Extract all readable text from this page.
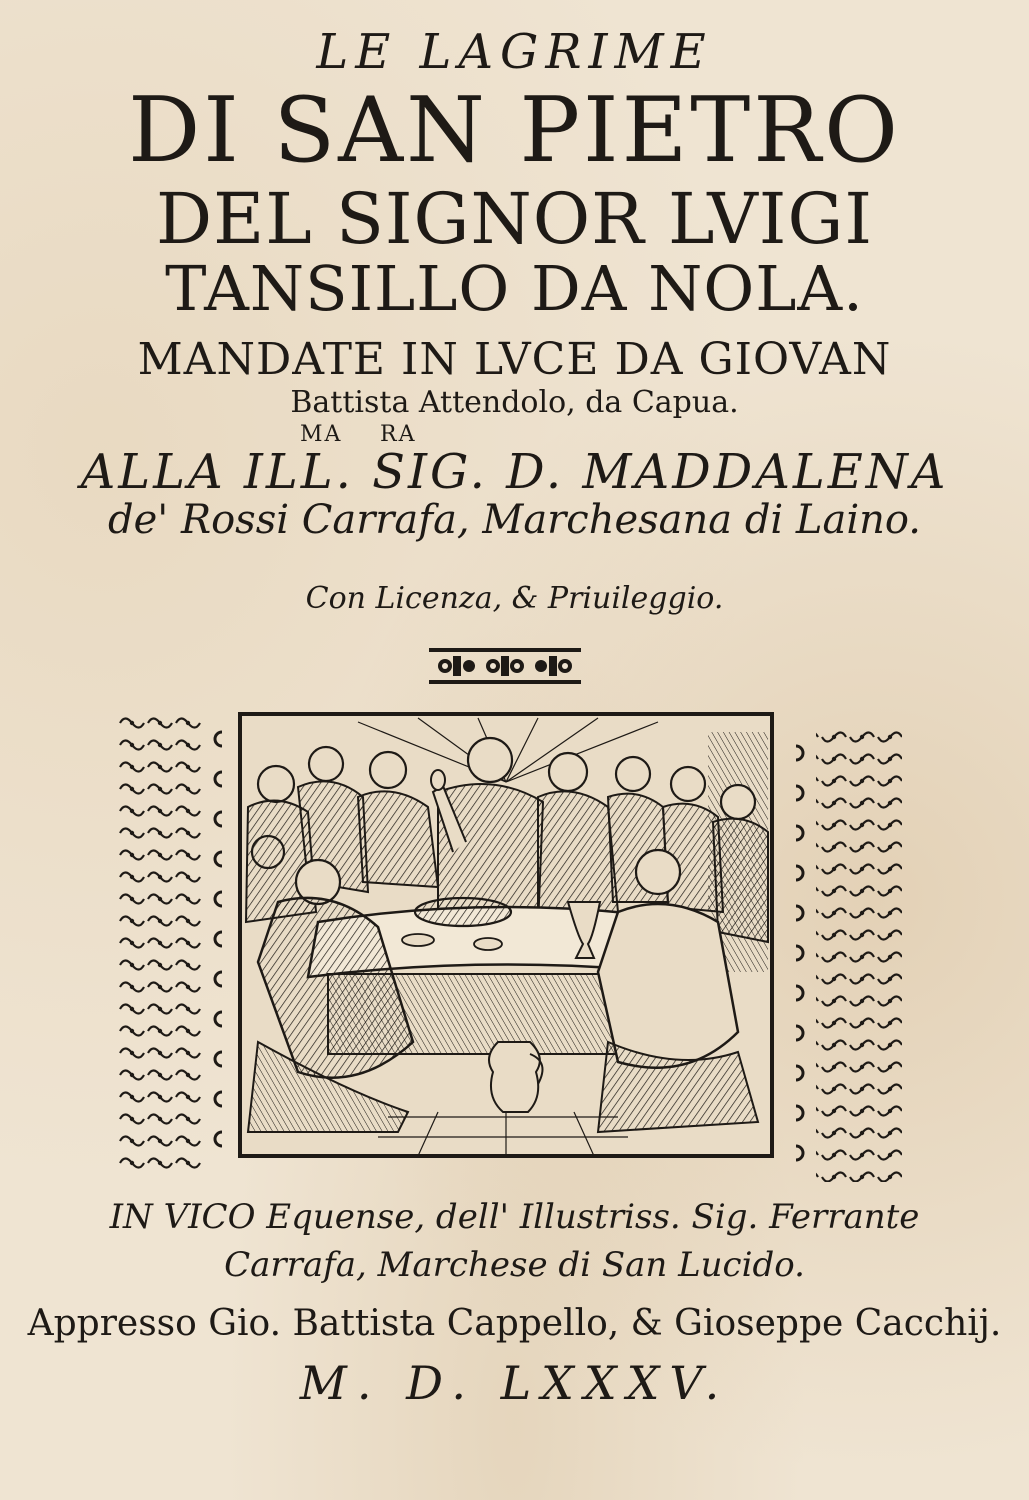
LE LAGRIME
DI SAN PIETRO
DEL SIGNOR LVIGI
TANSILLO DA NOLA.
MANDATE IN LVCE DA GIOVAN
Battista Attendolo, da Capua.
MA RA
ALLA ILL. SIG. D. MADDALENA
de' Rossi Carrafa, Marchesana di Laino.
Con Licenza, & Priuileggio.
IN VICO Equense, dell' Illustriss. Sig. Ferrante
Carrafa, Marchese di San Lucido.
Appresso Gio. Battista Cappello, & Gioseppe Cacchij.
M. D. LXXXV.
